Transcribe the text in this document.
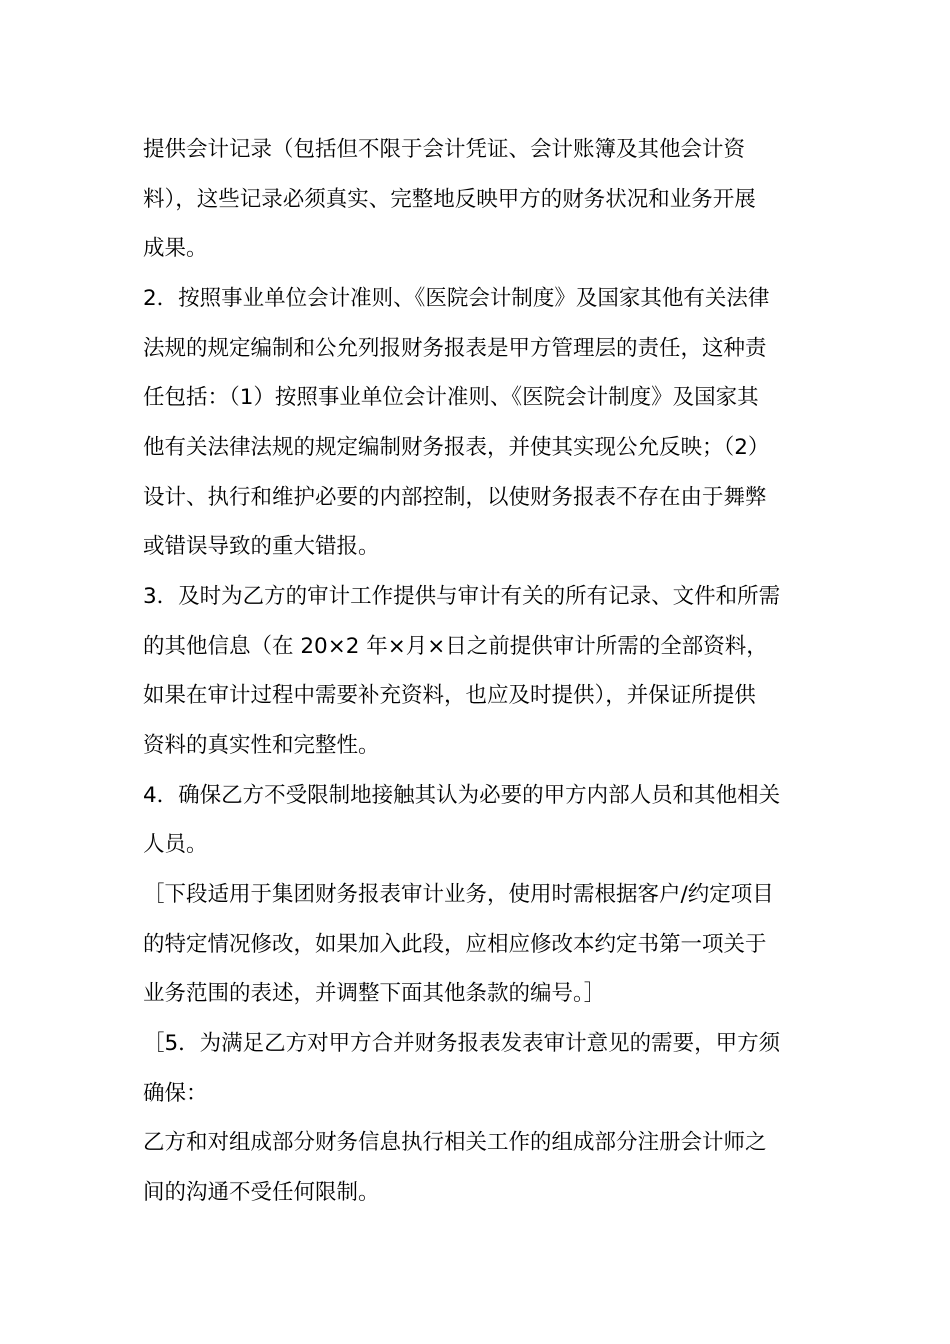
提供会计记录（包括但不限于会计凭证、会计账簿及其他会计资
料），这些记录必须真实、完整地反映甲方的财务状况和业务开展
成果。
2．按照事业单位会计准则、《医院会计制度》及国家其他有关法律
法规的规定编制和公允列报财务报表是甲方管理层的责任，这种责
任包括：（1）按照事业单位会计准则、《医院会计制度》及国家其
他有关法律法规的规定编制财务报表，并使其实现公允反映；（2）
设计、执行和维护必要的内部控制，以使财务报表不存在由于舞弊
或错误导致的重大错报。
3．及时为乙方的审计工作提供与审计有关的所有记录、文件和所需
的其他信息（在 20×2 年×月×日之前提供审计所需的全部资料，
如果在审计过程中需要补充资料，也应及时提供），并保证所提供
资料的真实性和完整性。
4．确保乙方不受限制地接触其认为必要的甲方内部人员和其他相关
人员。
［下段适用于集团财务报表审计业务，使用时需根据客户/约定项目
的特定情况修改，如果加入此段，应相应修改本约定书第一项关于
业务范围的表述，并调整下面其他条款的编号。］
［5．为满足乙方对甲方合并财务报表发表审计意见的需要，甲方须
确保：
乙方和对组成部分财务信息执行相关工作的组成部分注册会计师之
间的沟通不受任何限制。
